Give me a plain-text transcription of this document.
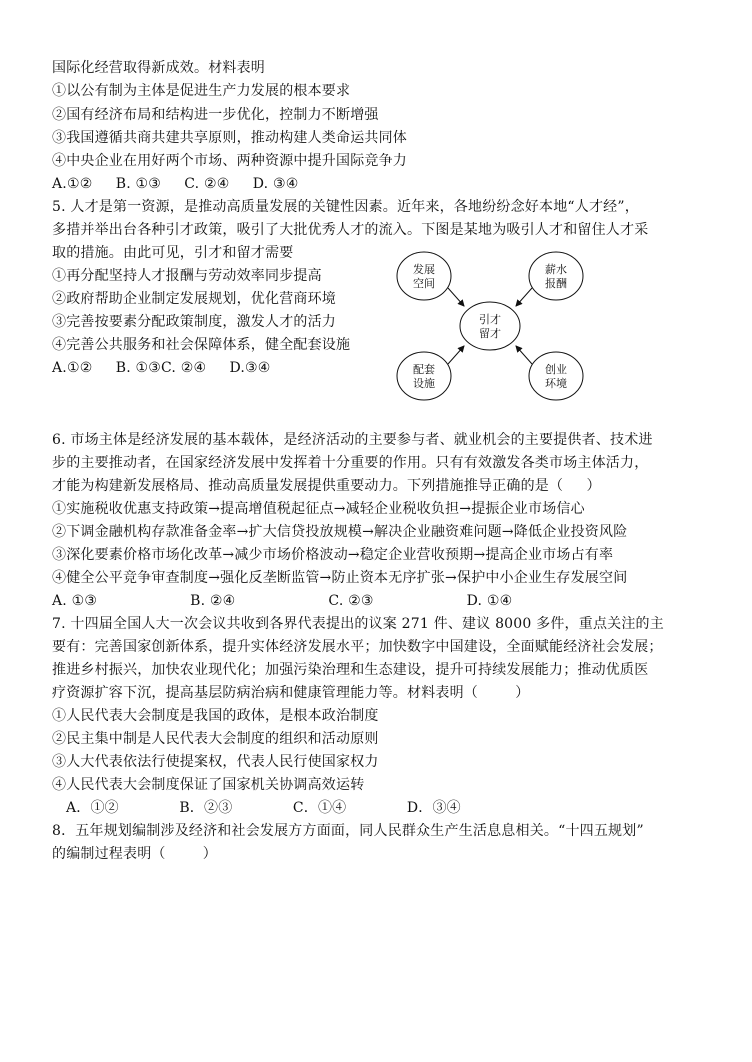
国际化经营取得新成效。材料表明
①以公有制为主体是促进生产力发展的根本要求
②国有经济布局和结构进一步优化，控制力不断增强
③我国遵循共商共建共享原则，推动构建人类命运共同体
④中央企业在用好两个市场、两种资源中提升国际竞争力
A.①②     B. ①③     C. ②④     D. ③④
5. 人才是第一资源，是推动高质量发展的关键性因素。近年来，各地纷纷念好本地“人才经”，
多措并举出台各种引才政策，吸引了大批优秀人才的流入。下图是某地为吸引人才和留住人才采
取的措施。由此可见，引才和留才需要
①再分配坚持人才报酬与劳动效率同步提高
②政府帮助企业制定发展规划，优化营商环境
③完善按要素分配政策制度，激发人才的活力
④完善公共服务和社会保障体系，健全配套设施
A.①②     B. ①③C. ②④     D.③④
发展
空间
薪水
报酬
引才
留才
配套
设施
创业
环境
6. 市场主体是经济发展的基本载体，是经济活动的主要参与者、就业机会的主要提供者、技术进
步的主要推动者，在国家经济发展中发挥着十分重要的作用。只有有效激发各类市场主体活力，
才能为构建新发展格局、推动高质量发展提供重要动力。下列措施推导正确的是（     ）
①实施税收优惠支持政策→提高增值税起征点→减轻企业税收负担→提振企业市场信心
②下调金融机构存款准备金率→扩大信贷投放规模→解决企业融资难问题→降低企业投资风险
③深化要素价格市场化改革→减少市场价格波动→稳定企业营收预期→提高企业市场占有率
④健全公平竞争审查制度→强化反垄断监管→防止资本无序扩张→保护中小企业生存发展空间
A. ①③                    B. ②④                    C. ②③                    D. ①④
7. 十四届全国人大一次会议共收到各界代表提出的议案 271 件、建议 8000 多件，重点关注的主
要有：完善国家创新体系，提升实体经济发展水平；加快数字中国建设，全面赋能经济社会发展；
推进乡村振兴，加快农业现代化；加强污染治理和生态建设，提升可持续发展能力；推动优质医
疗资源扩容下沉，提高基层防病治病和健康管理能力等。材料表明（        ）
①人民代表大会制度是我国的政体，是根本政治制度
②民主集中制是人民代表大会制度的组织和活动原则
③人大代表依法行使提案权，代表人民行使国家权力
④人民代表大会制度保证了国家机关协调高效运转
A．①②             B．②③             C．①④             D．③④
8．五年规划编制涉及经济和社会发展方方面面，同人民群众生产生活息息相关。“十四五规划”
的编制过程表明（        ）
